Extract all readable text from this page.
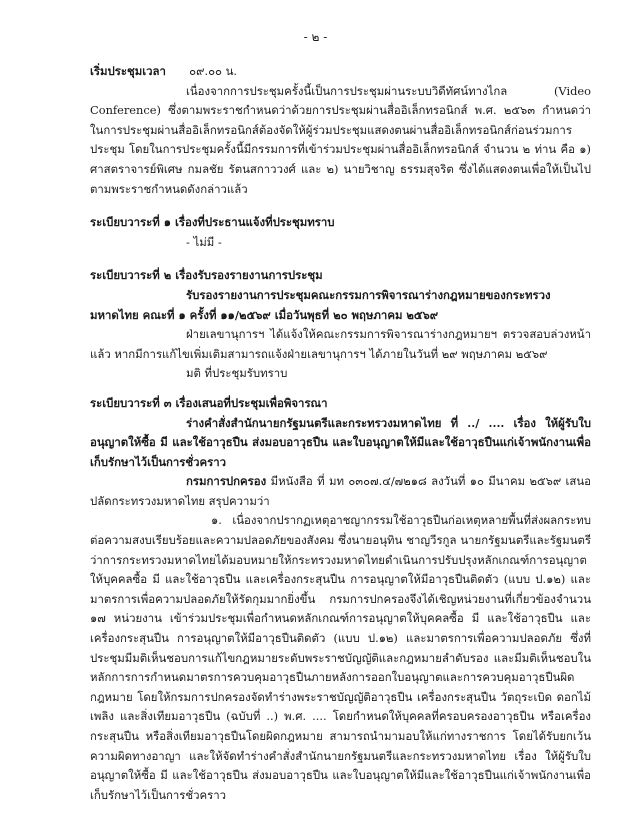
- ๒ -

เริ่มประชุมเวลา ๐๙.๐๐ น.

เนื่องจากการประชุมครั้งนี้เป็นการประชุมผ่านระบบวิดีทัศน์ทางไกล (Video Conference) ซึ่งตามพระราชกำหนดว่าด้วยการประชุมผ่านสื่ออิเล็กทรอนิกส์ พ.ศ. ๒๕๖๓ กำหนดว่า ในการประชุมผ่านสื่ออิเล็กทรอนิกส์ต้องจัดให้ผู้ร่วมประชุมแสดงตนผ่านสื่ออิเล็กทรอนิกส์ก่อนร่วมการประชุม โดยในการประชุมครั้งนี้มีกรรมการที่เข้าร่วมประชุมผ่านสื่ออิเล็กทรอนิกส์ จำนวน ๒ ท่าน คือ ๑) ศาสตราจารย์พิเศษ กมลชัย รัตนสกาววงศ์ และ ๒) นายวิชาญ ธรรมสุจริต ซึ่งได้แสดงตนเพื่อให้เป็นไปตามพระราชกำหนดดังกล่าวแล้ว

ระเบียบวาระที่ ๑ เรื่องที่ประธานแจ้งที่ประชุมทราบ

- ไม่มี -

ระเบียบวาระที่ ๒ เรื่องรับรองรายงานการประชุม

รับรองรายงานการประชุมคณะกรรมการพิจารณาร่างกฎหมายของกระทรวงมหาดไทย คณะที่ ๑ ครั้งที่ ๑๑/๒๕๖๙ เมื่อวันพุธที่ ๒๐ พฤษภาคม ๒๕๖๙

ฝ่ายเลขานุการฯ ได้แจ้งให้คณะกรรมการพิจารณาร่างกฎหมายฯ ตรวจสอบล่วงหน้าแล้ว หากมีการแก้ไขเพิ่มเติมสามารถแจ้งฝ่ายเลขานุการฯ ได้ภายในวันที่ ๒๙ พฤษภาคม ๒๕๖๙

มติ ที่ประชุมรับทราบ

ระเบียบวาระที่ ๓ เรื่องเสนอที่ประชุมเพื่อพิจารณา

ร่างคำสั่งสำนักนายกรัฐมนตรีและกระทรวงมหาดไทย ที่ ../ .... เรื่อง ให้ผู้รับใบอนุญาตให้ซื้อ มี และใช้อาวุธปืน ส่งมอบอาวุธปืน และใบอนุญาตให้มีและใช้อาวุธปืนแก่เจ้าพนักงานเพื่อเก็บรักษาไว้เป็นการชั่วคราว

กรมการปกครอง มีหนังสือ ที่ มท ๐๓๐๗.๔/๗๒๑๘ ลงวันที่ ๑๐ มีนาคม ๒๕๖๙ เสนอปลัดกระทรวงมหาดไทย สรุปความว่า

๑. เนื่องจากปรากฏเหตุอาชญากรรมใช้อาวุธปืนก่อเหตุหลายพื้นที่ส่งผลกระทบต่อความสงบเรียบร้อยและความปลอดภัยของสังคม ซึ่งนายอนุทิน ชาญวีรกูล นายกรัฐมนตรีและรัฐมนตรีว่าการกระทรวงมหาดไทยได้มอบหมายให้กระทรวงมหาดไทยดำเนินการปรับปรุงหลักเกณฑ์การอนุญาตให้บุคคลซื้อ มี และใช้อาวุธปืน และเครื่องกระสุนปืน การอนุญาตให้มีอาวุธปืนติดตัว (แบบ ป.๑๒) และมาตรการเพื่อความปลอดภัยให้รัดกุมมากยิ่งขึ้น กรมการปกครองจึงได้เชิญหน่วยงานที่เกี่ยวข้องจำนวน ๑๗ หน่วยงาน เข้าร่วมประชุมเพื่อกำหนดหลักเกณฑ์การอนุญาตให้บุคคลซื้อ มี และใช้อาวุธปืน และเครื่องกระสุนปืน การอนุญาตให้มีอาวุธปืนติดตัว (แบบ ป.๑๒) และมาตรการเพื่อความปลอดภัย ซึ่งที่ประชุมมีมติเห็นชอบการแก้ไขกฎหมายระดับพระราชบัญญัติและกฎหมายลำดับรอง และมีมติเห็นชอบในหลักการการกำหนดมาตรการควบคุมอาวุธปืนภายหลังการออกใบอนุญาตและการควบคุมอาวุธปืนผิดกฎหมาย โดยให้กรมการปกครองจัดทำร่างพระราชบัญญัติอาวุธปืน เครื่องกระสุนปืน วัตถุระเบิด ดอกไม้เพลิง และสิ่งเทียมอาวุธปืน (ฉบับที่ ..) พ.ศ. .... โดยกำหนดให้บุคคลที่ครอบครองอาวุธปืน หรือเครื่องกระสุนปืน หรือสิ่งเทียมอาวุธปืนโดยผิดกฎหมาย สามารถนำมามอบให้แก่ทางราชการ โดยได้รับยกเว้นความผิดทางอาญา และให้จัดทำร่างคำสั่งสำนักนายกรัฐมนตรีและกระทรวงมหาดไทย เรื่อง ให้ผู้รับใบอนุญาตให้ซื้อ มี และใช้อาวุธปืน ส่งมอบอาวุธปืน และใบอนุญาตให้มีและใช้อาวุธปืนแก่เจ้าพนักงานเพื่อเก็บรักษาไว้เป็นการชั่วคราว
